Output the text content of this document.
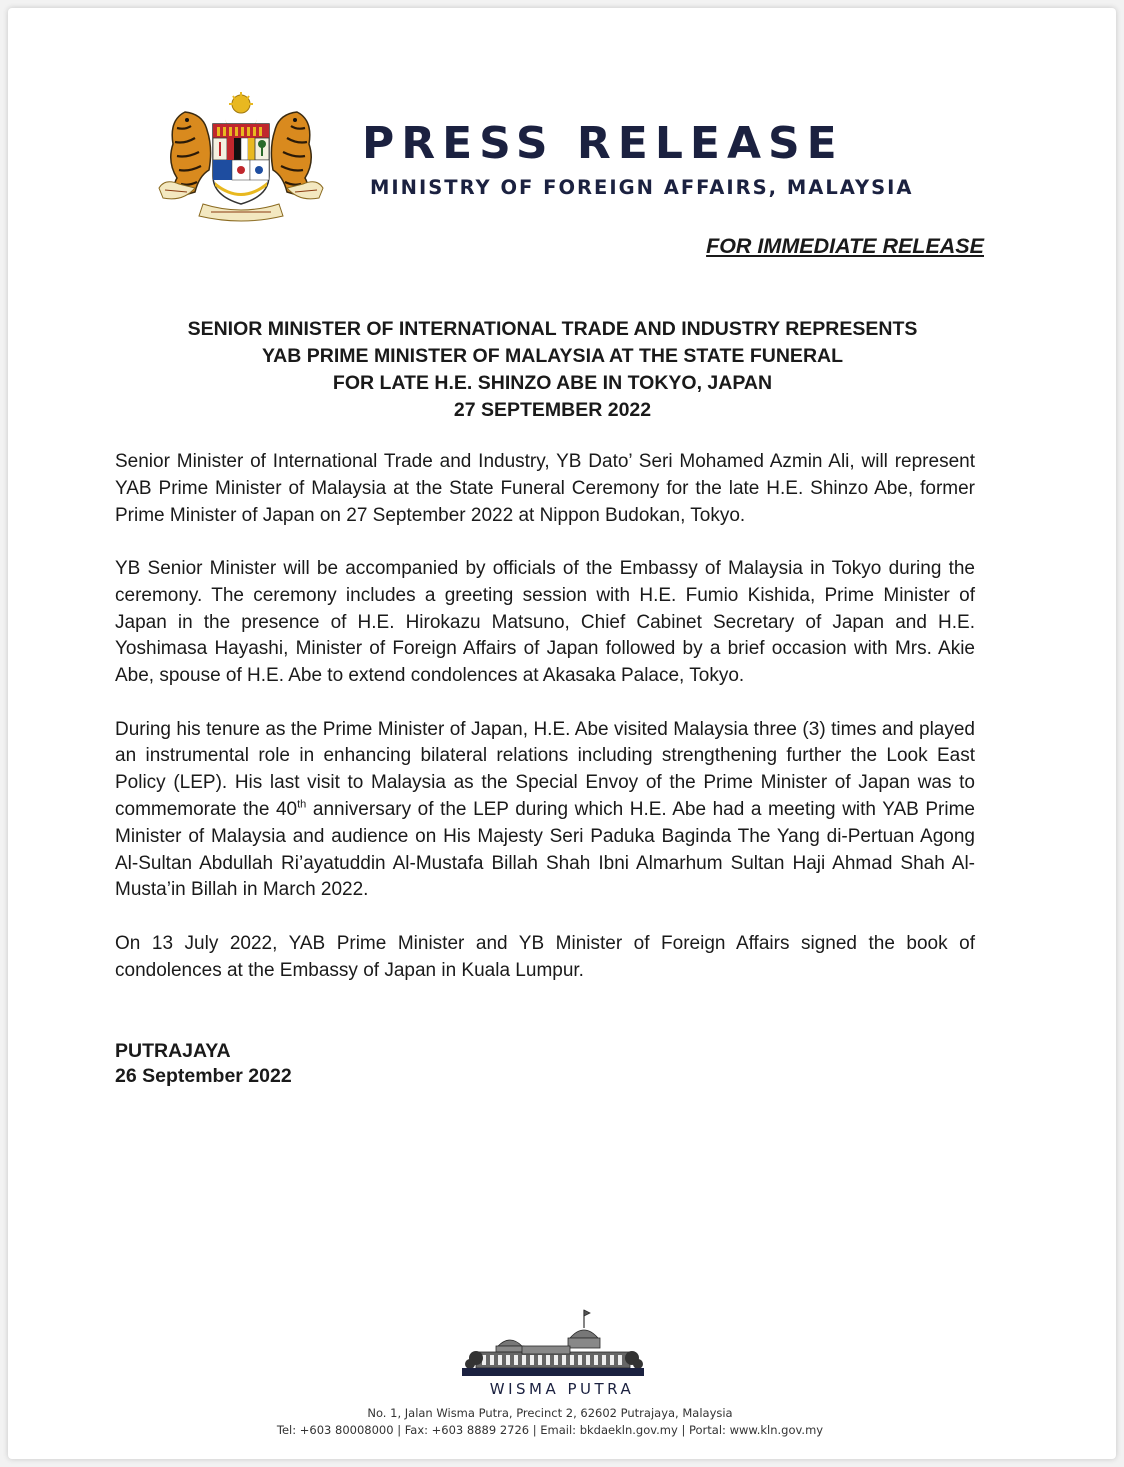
PRESS RELEASE
MINISTRY OF FOREIGN AFFAIRS, MALAYSIA
FOR IMMEDIATE RELEASE
SENIOR MINISTER OF INTERNATIONAL TRADE AND INDUSTRY REPRESENTS
YAB PRIME MINISTER OF MALAYSIA AT THE STATE FUNERAL
FOR LATE H.E. SHINZO ABE IN TOKYO, JAPAN
27 SEPTEMBER 2022

Senior Minister of International Trade and Industry, YB Dato’ Seri Mohamed Azmin Ali, will represent YAB Prime Minister of Malaysia at the State Funeral Ceremony for the late H.E. Shinzo Abe, former Prime Minister of Japan on 27 September 2022 at Nippon Budokan, Tokyo.

YB Senior Minister will be accompanied by officials of the Embassy of Malaysia in Tokyo during the ceremony. The ceremony includes a greeting session with H.E. Fumio Kishida, Prime Minister of Japan in the presence of H.E. Hirokazu Matsuno, Chief Cabinet Secretary of Japan and H.E. Yoshimasa Hayashi, Minister of Foreign Affairs of Japan followed by a brief occasion with Mrs. Akie Abe, spouse of H.E. Abe to extend condolences at Akasaka Palace, Tokyo.

During his tenure as the Prime Minister of Japan, H.E. Abe visited Malaysia three (3) times and played an instrumental role in enhancing bilateral relations including strengthening further the Look East Policy (LEP). His last visit to Malaysia as the Special Envoy of the Prime Minister of Japan was to commemorate the 40th anniversary of the LEP during which H.E. Abe had a meeting with YAB Prime Minister of Malaysia and audience on His Majesty Seri Paduka Baginda The Yang di-Pertuan Agong Al-Sultan Abdullah Ri’ayatuddin Al-Mustafa Billah Shah Ibni Almarhum Sultan Haji Ahmad Shah Al-Musta’in Billah in March 2022.

On 13 July 2022, YAB Prime Minister and YB Minister of Foreign Affairs signed the book of condolences at the Embassy of Japan in Kuala Lumpur.

PUTRAJAYA
26 September 2022
WISMA PUTRA
No. 1, Jalan Wisma Putra, Precinct 2, 62602 Putrajaya, Malaysia
Tel: +603 80008000 | Fax: +603 8889 2726 | Email: bkdaekln.gov.my | Portal: www.kln.gov.my
